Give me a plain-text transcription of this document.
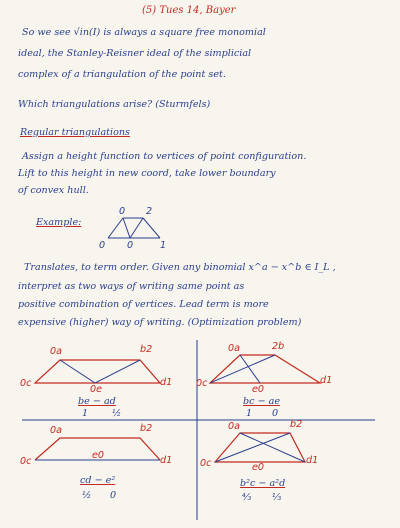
(5) Tues 14, Bayer
So we see √in(I) is always a square free monomial
ideal, the Stanley-Reisner ideal of the simplicial
complex of a triangulation of the point set.
Which triangulations arise? (Sturmfels)
Regular triangulations
Assign a height function to vertices of point configuration.
Lift to this height in new coord, take lower boundary
of convex hull.
Example:
0 2
0 0	1
Translates, to term order. Given any binomial x^a − x^b ∈ I_L ,
interpret as two ways of writing same point as
positive combination of vertices. Lead term is more
expensive (higher) way of writing. (Optimization problem)
0a	b2
0c	d1
0e
be − ad
1 ½
0a	2b
0c	d1
e0
bc − ae
1 0
0a	b2
0c	d1
e0
cd − e²
½ 0
0a	b2
0c	d1
e0
b²c − a²d
⁴⁄₃ ⅓
